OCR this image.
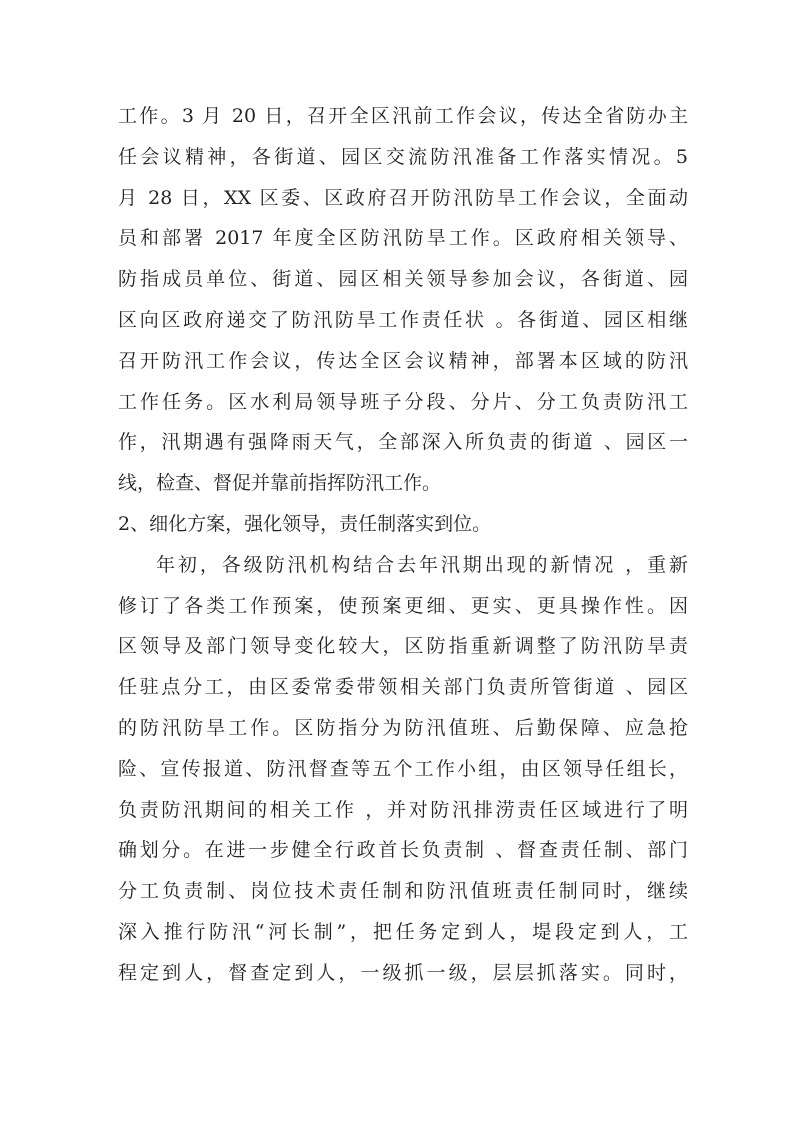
工作。3 月 20 日，召开全区汛前工作会议，传达全省防办主
任会议精神，各街道、园区交流防汛准备工作落实情况。5
月 28 日，XX 区委、区政府召开防汛防旱工作会议，全面动
员和部署 2017 年度全区防汛防旱工作。区政府相关领导、
防指成员单位、街道、园区相关领导参加会议，各街道、园
区向区政府递交了防汛防旱工作责任状 。各街道、园区相继
召开防汛工作会议，传达全区会议精神，部署本区域的防汛
工作任务。区水利局领导班子分段、分片、分工负责防汛工
作，汛期遇有强降雨天气，全部深入所负责的街道 、园区一
线，检查、督促并靠前指挥防汛工作。
2、细化方案，强化领导，责任制落实到位。
年初，各级防汛机构结合去年汛期出现的新情况 ，重新
修订了各类工作预案，使预案更细、更实、更具操作性。因
区领导及部门领导变化较大，区防指重新调整了防汛防旱责
任驻点分工，由区委常委带领相关部门负责所管街道 、园区
的防汛防旱工作。区防指分为防汛值班、后勤保障、应急抢
险、宣传报道、防汛督查等五个工作小组，由区领导任组长，
负责防汛期间的相关工作 ，并对防汛排涝责任区域进行了明
确划分。在进一步健全行政首长负责制 、督查责任制、部门
分工负责制、岗位技术责任制和防汛值班责任制同时，继续
深入推行防汛“河长制”，把任务定到人，堤段定到人，工
程定到人，督查定到人，一级抓一级，层层抓落实。同时，
